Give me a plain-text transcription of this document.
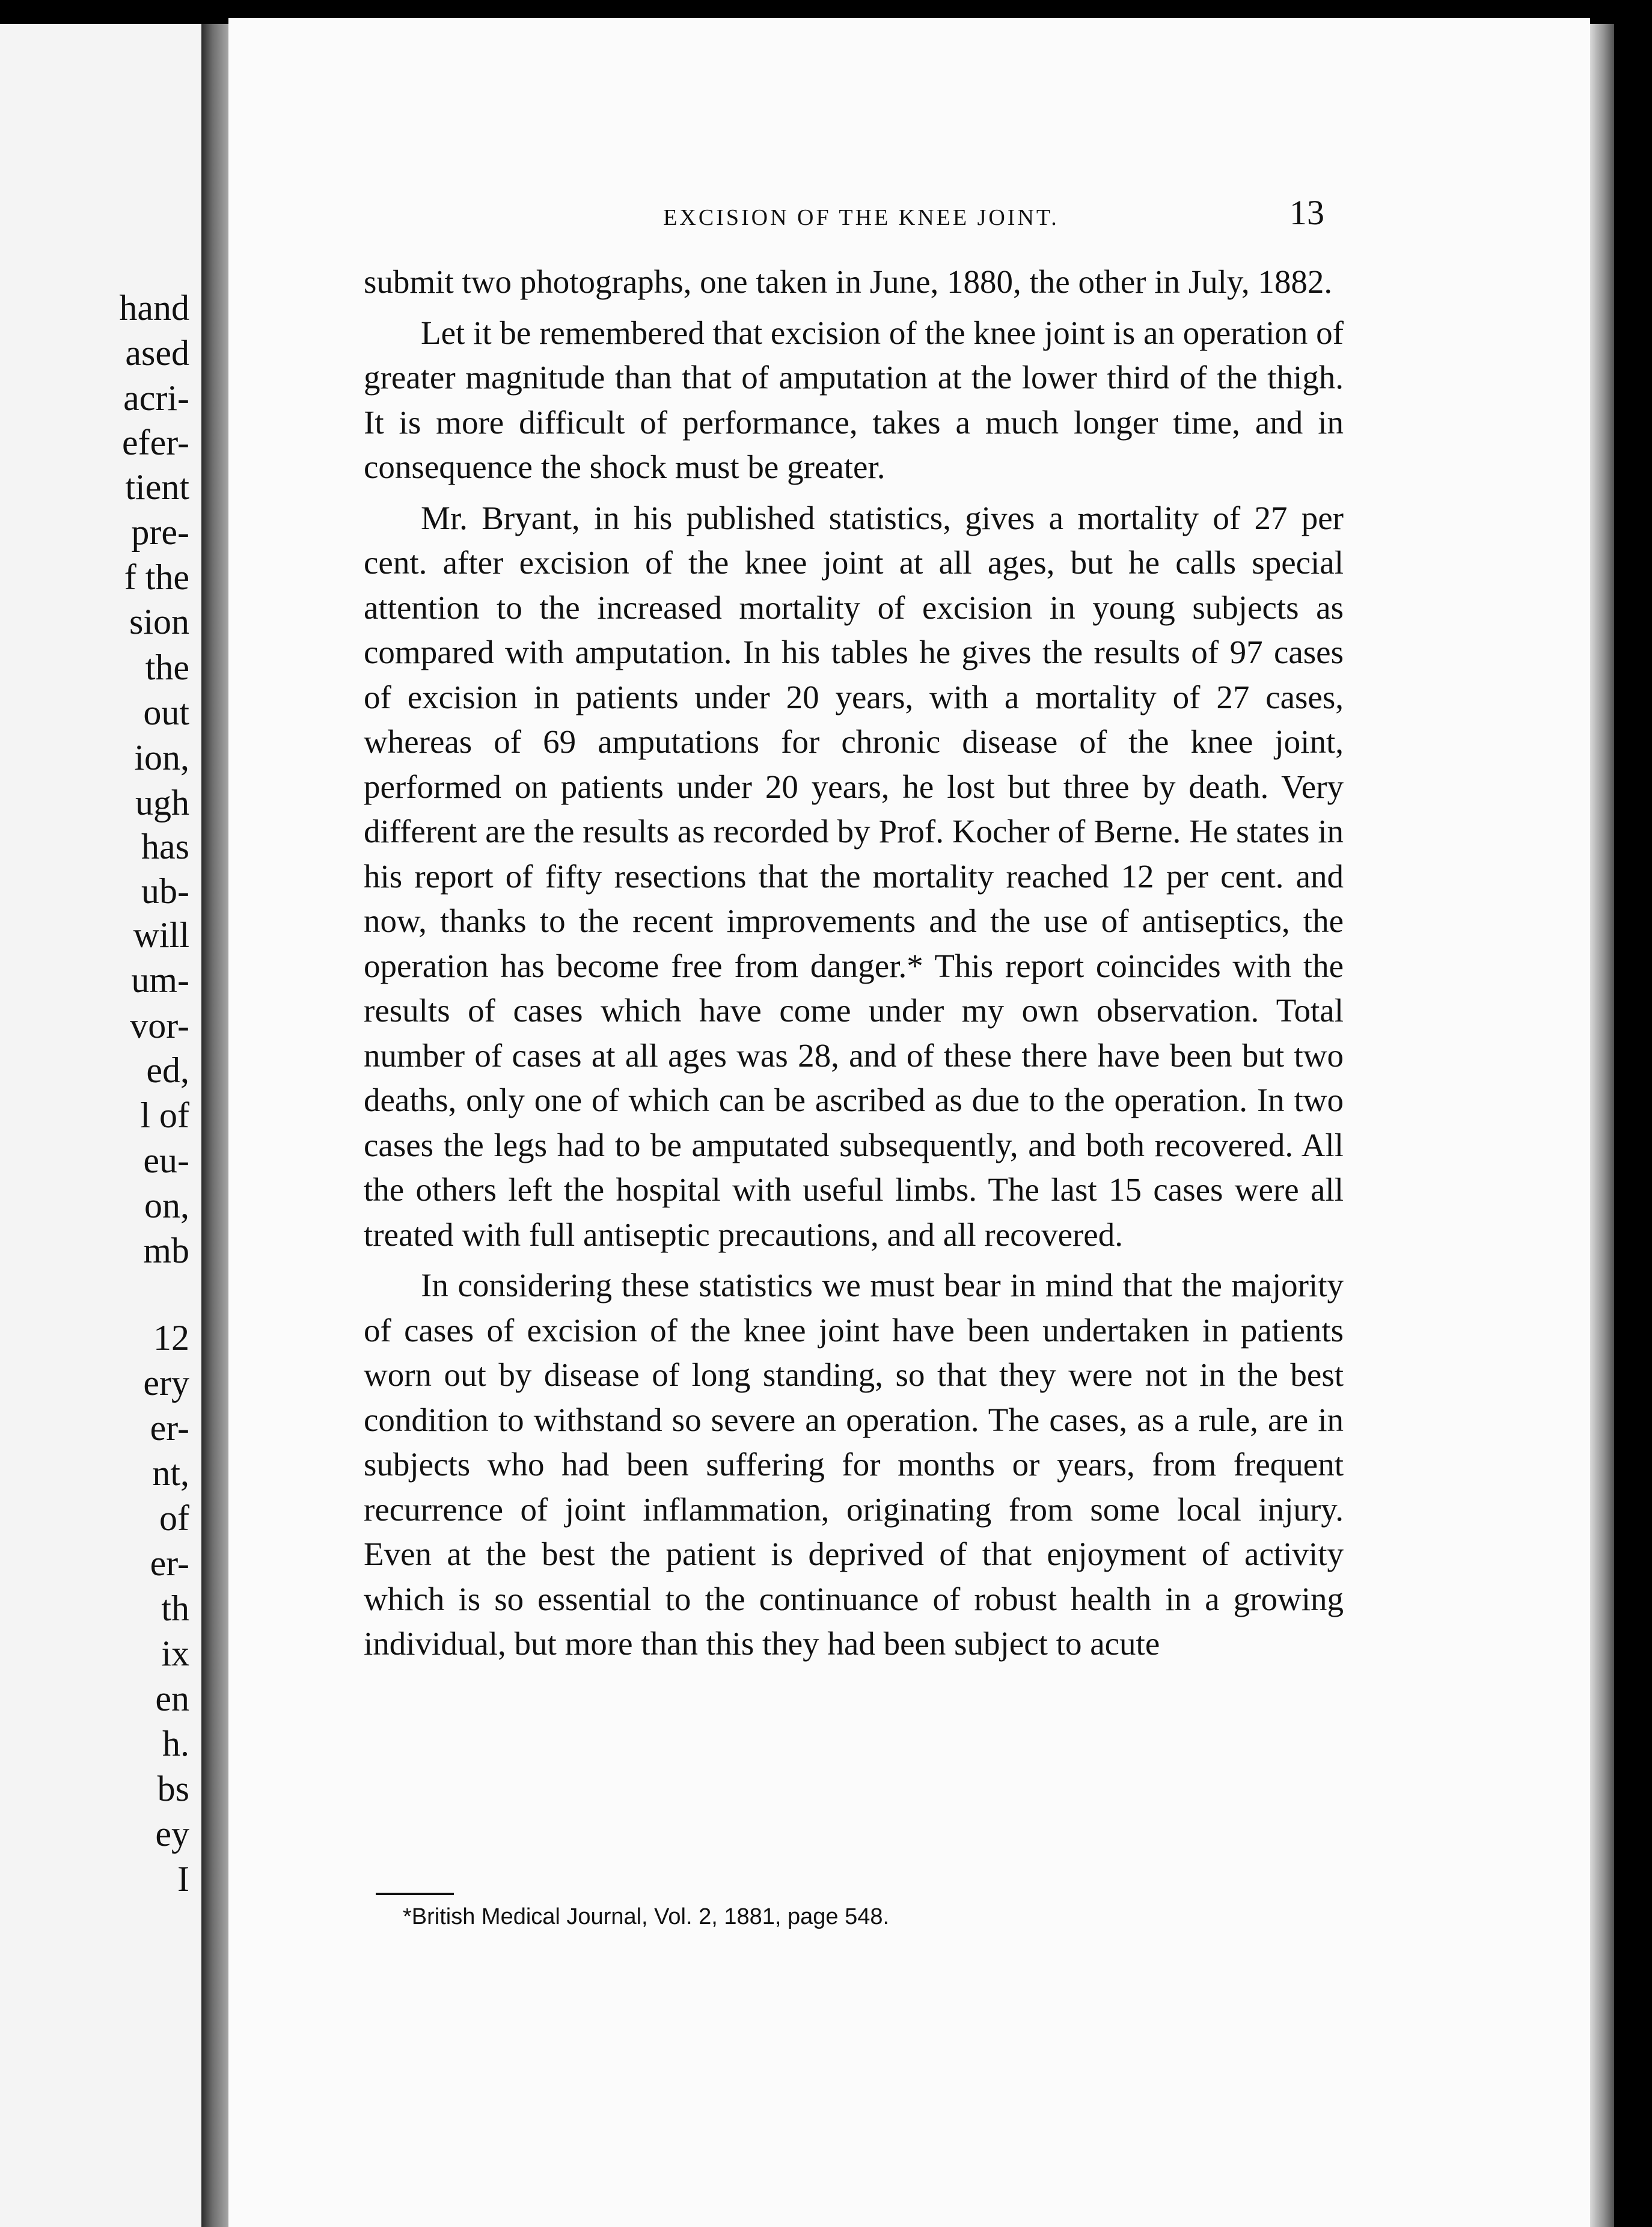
hand

ased

acri-

efer-

tient

pre-

f the

sion

the

out

ion,

ugh

has

ub-

will

um-

vor-

ed,

l of

eu-

on,

mb

12

ery

er-

nt,

of

er-

th

ix

en

h.

bs

ey

I

EXCISION OF THE KNEE JOINT.	13

submit two photographs, one taken in June, 1880, the other in July, 1882.

Let it be remembered that excision of the knee joint is an operation of greater magnitude than that of amputation at the lower third of the thigh. It is more difficult of performance, takes a much longer time, and in consequence the shock must be greater.

Mr. Bryant, in his published statistics, gives a mortality of 27 per cent. after excision of the knee joint at all ages, but he calls special attention to the increased mortality of excision in young subjects as compared with amputation. In his tables he gives the results of 97 cases of excision in patients under 20 years, with a mortality of 27 cases, whereas of 69 amputations for chronic disease of the knee joint, performed on patients under 20 years, he lost but three by death. Very different are the results as recorded by Prof. Kocher of Berne. He states in his report of fifty resections that the mortality reached 12 per cent. and now, thanks to the recent improvements and the use of antiseptics, the operation has become free from danger.* This report coincides with the results of cases which have come under my own observation. Total number of cases at all ages was 28, and of these there have been but two deaths, only one of which can be ascribed as due to the operation. In two cases the legs had to be amputated subsequently, and both recovered. All the others left the hospital with useful limbs. The last 15 cases were all treated with full antiseptic precautions, and all recovered.

In considering these statistics we must bear in mind that the majority of cases of excision of the knee joint have been undertaken in patients worn out by disease of long standing, so that they were not in the best condition to withstand so severe an operation. The cases, as a rule, are in subjects who had been suffering for months or years, from frequent recurrence of joint inflammation, originating from some local injury. Even at the best the patient is deprived of that enjoyment of activity which is so essential to the continuance of robust health in a growing individual, but more than this they had been subject to acute

*British Medical Journal, Vol. 2, 1881, page 548.
